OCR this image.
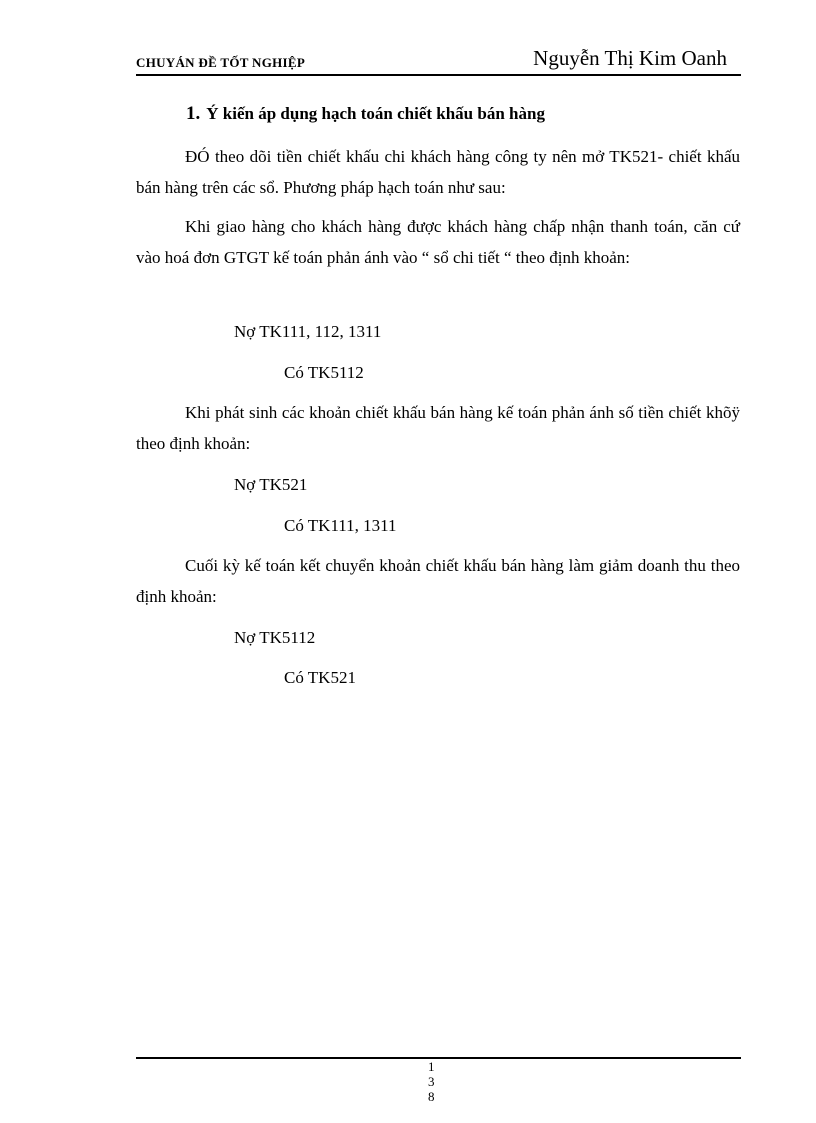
CHUYÁN ĐỀ TỐT NGHIỆP	Nguyễn Thị Kim Oanh
1. Ý kiến áp dụng hạch toán chiết khấu bán hàng

ĐÓ theo dõi tiền chiết khấu chi khách hàng công ty nên mở TK521- chiết khấu bán hàng trên các sổ. Phương pháp hạch toán như sau:

Khi giao hàng cho khách hàng được khách hàng chấp nhận thanh toán, căn cứ vào hoá đơn GTGT kế toán phản ánh vào “ sổ chi tiết “ theo định khoản:

Nợ TK111, 112, 1311
Có TK5112

Khi phát sinh các khoản chiết khấu bán hàng kế toán phản ánh số tiền chiết khõÿ theo định khoản:

Nợ TK521
Có TK111, 1311

Cuối kỳ kế toán kết chuyển khoản chiết khấu bán hàng làm giảm doanh thu theo định khoản:

Nợ TK5112
Có TK521
1
3
8
